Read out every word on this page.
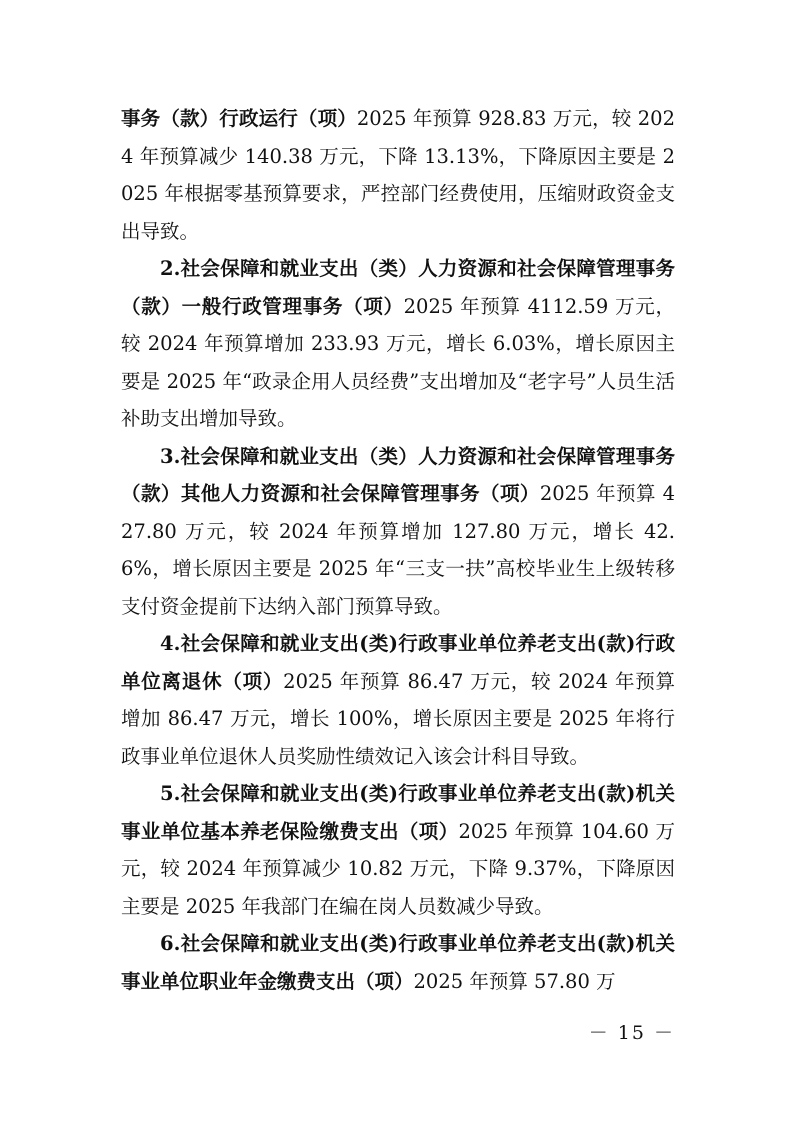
事务（款）行政运行（项）2025 年预算 928.83 万元，较 2024 年预算减少 140.38 万元，下降 13.13%，下降原因主要是 2025 年根据零基预算要求，严控部门经费使用，压缩财政资金支出导致。

2.社会保障和就业支出（类）人力资源和社会保障管理事务（款）一般行政管理事务（项）2025 年预算 4112.59 万元，较 2024 年预算增加 233.93 万元，增长 6.03%，增长原因主要是 2025 年“政录企用人员经费”支出增加及“老字号”人员生活补助支出增加导致。

3.社会保障和就业支出（类）人力资源和社会保障管理事务（款）其他人力资源和社会保障管理事务（项）2025 年预算 427.80 万元，较 2024 年预算增加 127.80 万元，增长 42.6%，增长原因主要是 2025 年“三支一扶”高校毕业生上级转移支付资金提前下达纳入部门预算导致。

4.社会保障和就业支出(类)行政事业单位养老支出(款)行政单位离退休（项）2025 年预算 86.47 万元，较 2024 年预算增加 86.47 万元，增长 100%，增长原因主要是 2025 年将行政事业单位退休人员奖励性绩效记入该会计科目导致。

5.社会保障和就业支出(类)行政事业单位养老支出(款)机关事业单位基本养老保险缴费支出（项）2025 年预算 104.60 万元，较 2024 年预算减少 10.82 万元，下降 9.37%，下降原因主要是 2025 年我部门在编在岗人员数减少导致。

6.社会保障和就业支出(类)行政事业单位养老支出(款)机关事业单位职业年金缴费支出（项）2025 年预算 57.80 万

－ 15 －
